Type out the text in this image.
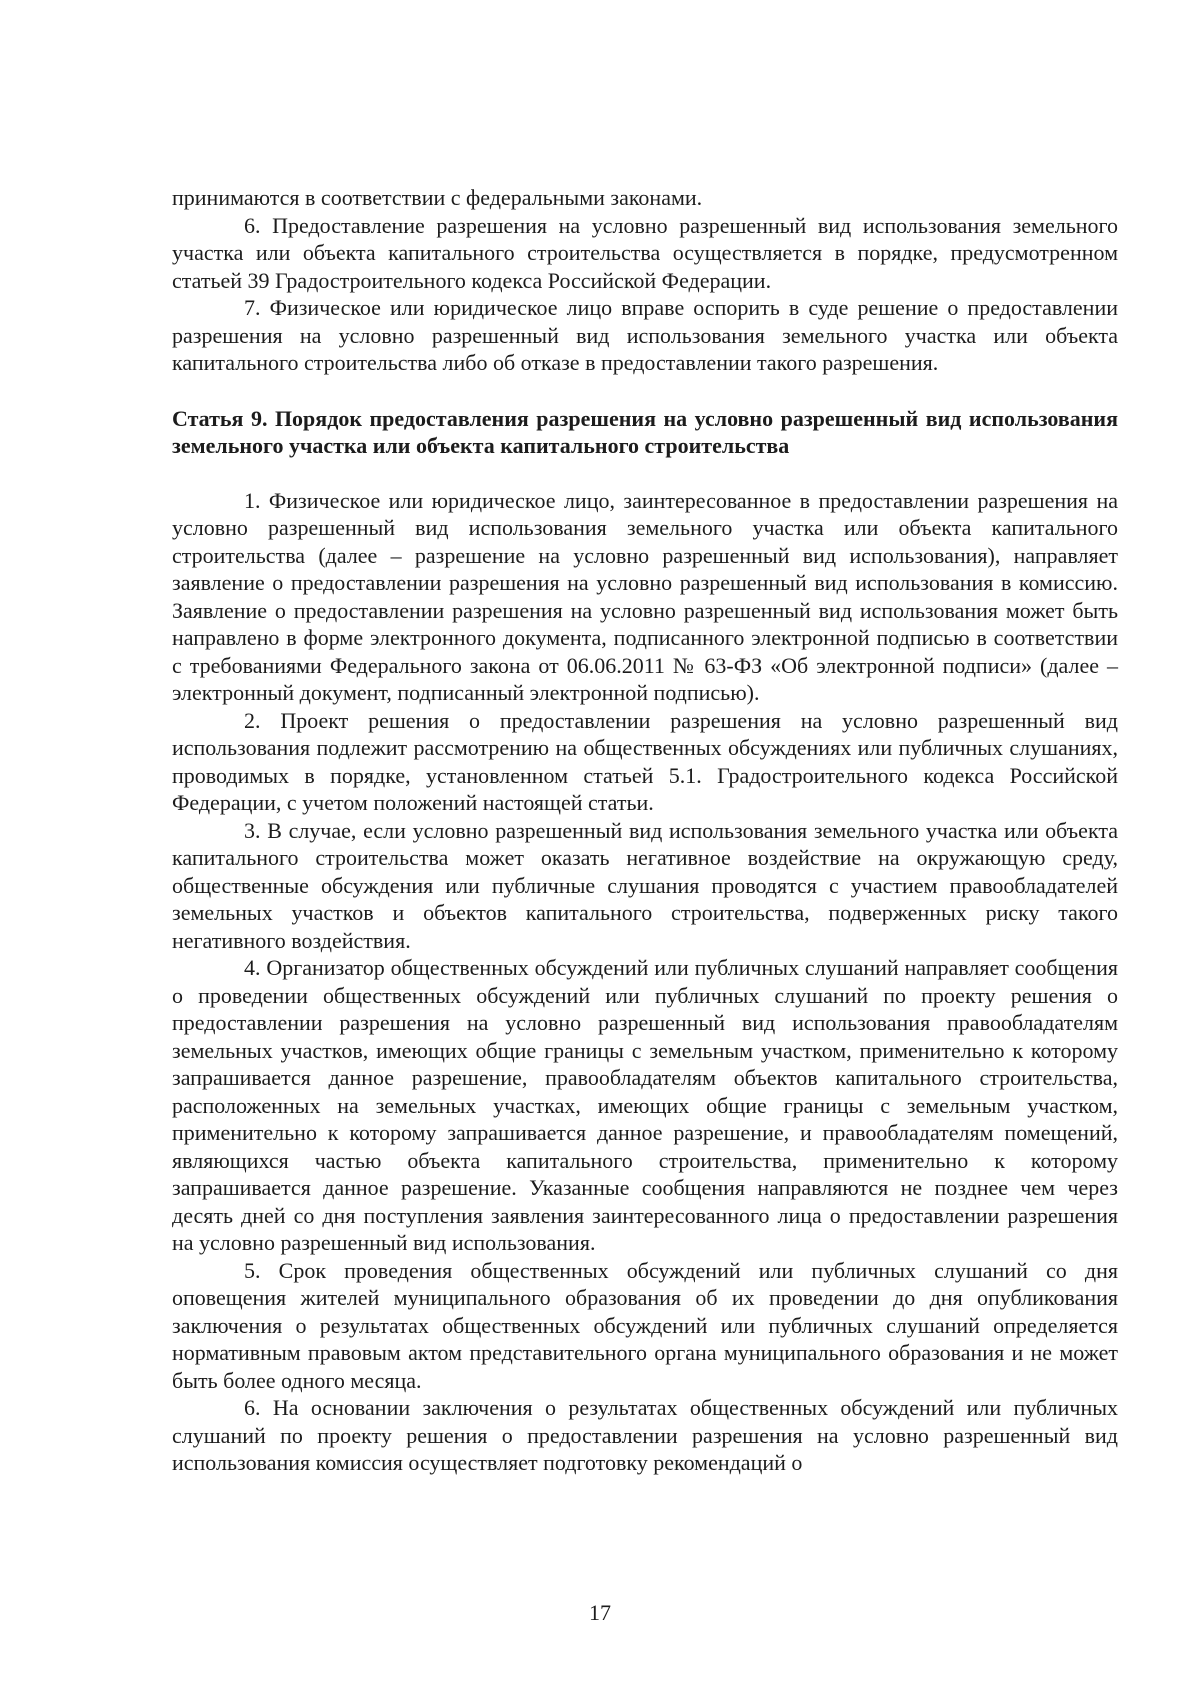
принимаются в соответствии с федеральными законами.

6. Предоставление разрешения на условно разрешенный вид использования земельного участка или объекта капитального строительства осуществляется в порядке, предусмотренном статьей 39 Градостроительного кодекса Российской Федерации.

7. Физическое или юридическое лицо вправе оспорить в суде решение о предоставлении разрешения на условно разрешенный вид использования земельного участка или объекта капитального строительства либо об отказе в предоставлении такого разрешения.

Статья 9. Порядок предоставления разрешения на условно разрешенный вид использования земельного участка или объекта капитального строительства

1. Физическое или юридическое лицо, заинтересованное в предоставлении разрешения на условно разрешенный вид использования земельного участка или объекта капитального строительства (далее – разрешение на условно разрешенный вид использования), направляет заявление о предоставлении разрешения на условно разрешенный вид использования в комиссию. Заявление о предоставлении разрешения на условно разрешенный вид использования может быть направлено в форме электронного документа, подписанного электронной подписью в соответствии с требованиями Федерального закона от 06.06.2011 № 63-ФЗ «Об электронной подписи» (далее – электронный документ, подписанный электронной подписью).

2. Проект решения о предоставлении разрешения на условно разрешенный вид использования подлежит рассмотрению на общественных обсуждениях или публичных слушаниях, проводимых в порядке, установленном статьей 5.1. Градостроительного кодекса Российской Федерации, с учетом положений настоящей статьи.

3. В случае, если условно разрешенный вид использования земельного участка или объекта капитального строительства может оказать негативное воздействие на окружающую среду, общественные обсуждения или публичные слушания проводятся с участием правообладателей земельных участков и объектов капитального строительства, подверженных риску такого негативного воздействия.

4. Организатор общественных обсуждений или публичных слушаний направляет сообщения о проведении общественных обсуждений или публичных слушаний по проекту решения о предоставлении разрешения на условно разрешенный вид использования правообладателям земельных участков, имеющих общие границы с земельным участком, применительно к которому запрашивается данное разрешение, правообладателям объектов капитального строительства, расположенных на земельных участках, имеющих общие границы с земельным участком, применительно к которому запрашивается данное разрешение, и правообладателям помещений, являющихся частью объекта капитального строительства, применительно к которому запрашивается данное разрешение. Указанные сообщения направляются не позднее чем через десять дней со дня поступления заявления заинтересованного лица о предоставлении разрешения на условно разрешенный вид использования.

5. Срок проведения общественных обсуждений или публичных слушаний со дня оповещения жителей муниципального образования об их проведении до дня опубликования заключения о результатах общественных обсуждений или публичных слушаний определяется нормативным правовым актом представительного органа муниципального образования и не может быть более одного месяца.

6. На основании заключения о результатах общественных обсуждений или публичных слушаний по проекту решения о предоставлении разрешения на условно разрешенный вид использования комиссия осуществляет подготовку рекомендаций о

17
